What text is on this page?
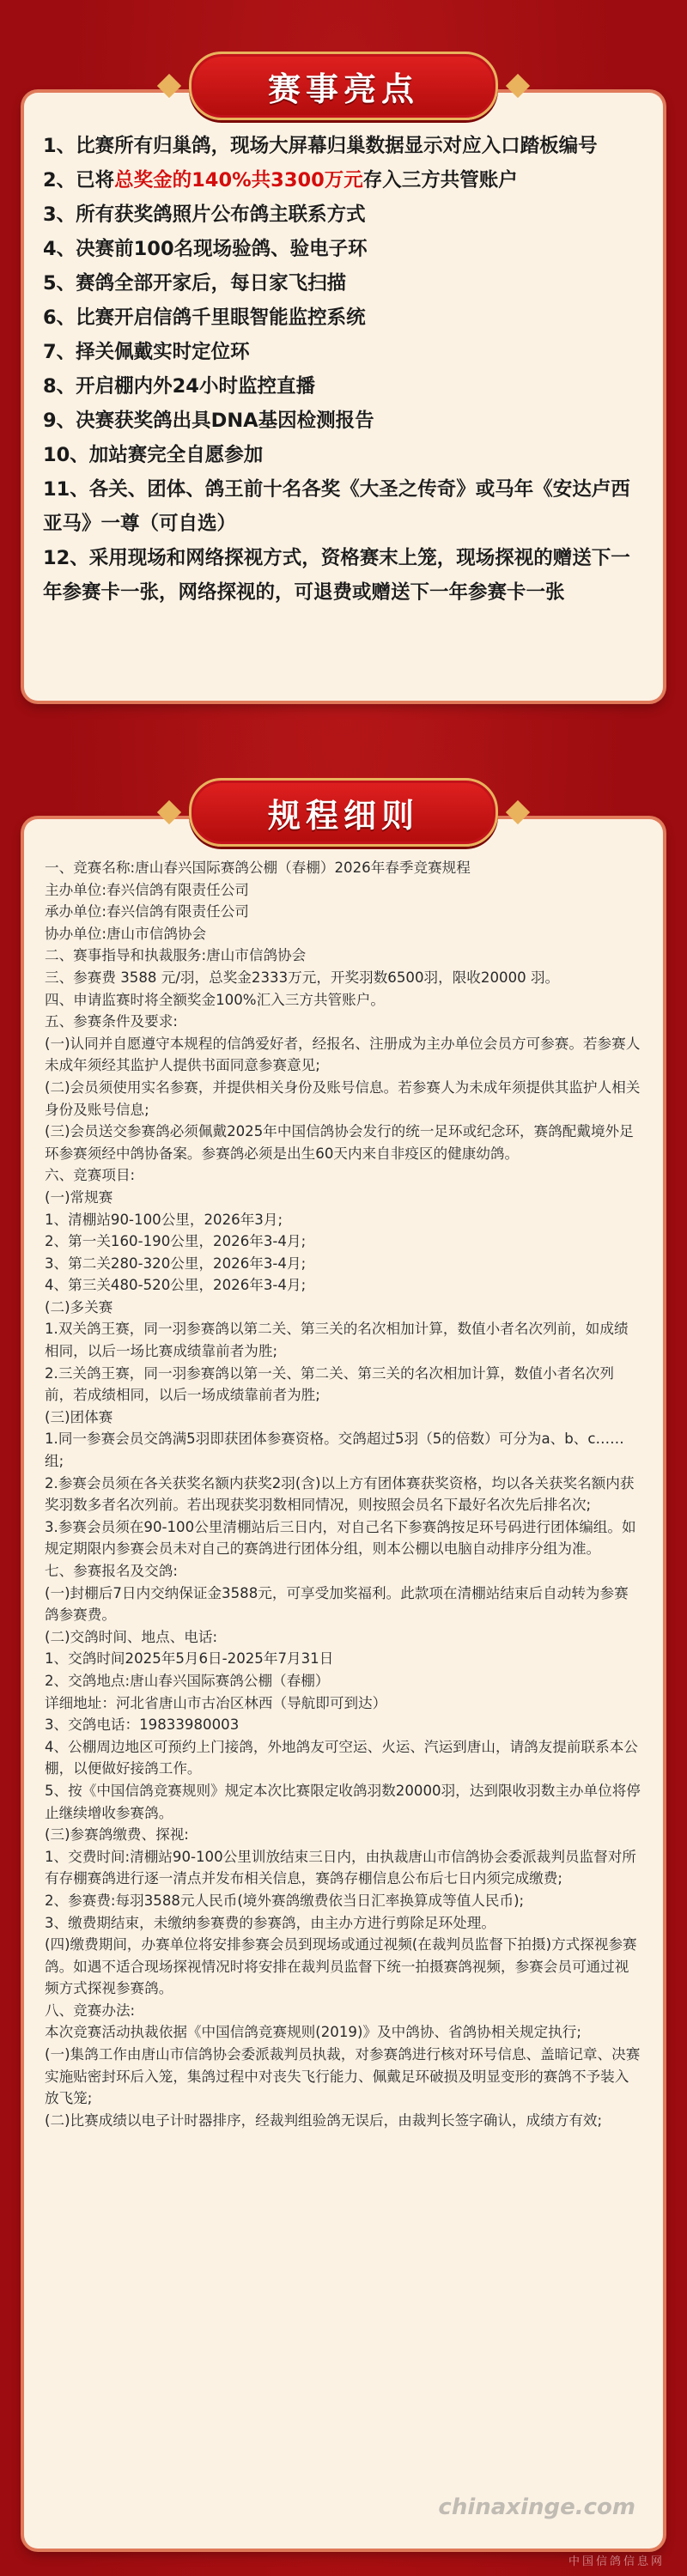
赛事亮点
1、比赛所有归巢鸽，现场大屏幕归巢数据显示对应入口踏板编号
2、已将总奖金的140%共3300万元存入三方共管账户
3、所有获奖鸽照片公布鸽主联系方式
4、决赛前100名现场验鸽、验电子环
5、赛鸽全部开家后，每日家飞扫描
6、比赛开启信鸽千里眼智能监控系统
7、择关佩戴实时定位环
8、开启棚内外24小时监控直播
9、决赛获奖鸽出具DNA基因检测报告
10、加站赛完全自愿参加
11、各关、团体、鸽王前十名各奖《大圣之传奇》或马年《安达卢西亚马》一尊（可自选）
12、采用现场和网络探视方式，资格赛末上笼，现场探视的赠送下一年参赛卡一张，网络探视的，可退费或赠送下一年参赛卡一张
规程细则

一、竞赛名称:唐山春兴国际赛鸽公棚（春棚）2026年春季竞赛规程

主办单位:春兴信鸽有限责任公司

承办单位:春兴信鸽有限责任公司

协办单位:唐山市信鸽协会

二、赛事指导和执裁服务:唐山市信鸽协会

三、参赛费 3588 元/羽，总奖金2333万元，开奖羽数6500羽，限收20000 羽。

四、申请监赛时将全额奖金100%汇入三方共管账户。

五、参赛条件及要求:

(一)认同并自愿遵守本规程的信鸽爱好者，经报名、注册成为主办单位会员方可参赛。若参赛人未成年须经其监护人提供书面同意参赛意见;

(二)会员须使用实名参赛，并提供相关身份及账号信息。若参赛人为未成年须提供其监护人相关身份及账号信息;

(三)会员送交参赛鸽必须佩戴2025年中国信鸽协会发行的统一足环或纪念环，赛鸽配戴境外足环参赛须经中鸽协备案。参赛鸽必须是出生60天内来自非疫区的健康幼鸽。

六、竞赛项目:

(一)常规赛

1、清棚站90-100公里，2026年3月;

2、第一关160-190公里，2026年3-4月;

3、第二关280-320公里，2026年3-4月;

4、第三关480-520公里，2026年3-4月;

(二)多关赛

1.双关鸽王赛，同一羽参赛鸽以第二关、第三关的名次相加计算，数值小者名次列前，如成绩相同，以后一场比赛成绩靠前者为胜;

2.三关鸽王赛，同一羽参赛鸽以第一关、第二关、第三关的名次相加计算，数值小者名次列前，若成绩相同，以后一场成绩靠前者为胜;

(三)团体赛

1.同一参赛会员交鸽满5羽即获团体参赛资格。交鸽超过5羽（5的倍数）可分为a、b、c……组;

2.参赛会员须在各关获奖名额内获奖2羽(含)以上方有团体赛获奖资格，均以各关获奖名额内获奖羽数多者名次列前。若出现获奖羽数相同情况，则按照会员名下最好名次先后排名次;

3.参赛会员须在90-100公里清棚站后三日内，对自己名下参赛鸽按足环号码进行团体编组。如规定期限内参赛会员未对自己的赛鸽进行团体分组，则本公棚以电脑自动排序分组为准。

七、参赛报名及交鸽:

(一)封棚后7日内交纳保证金3588元，可享受加奖福利。此款项在清棚站结束后自动转为参赛鸽参赛费。

(二)交鸽时间、地点、电话:

1、交鸽时间2025年5月6日-2025年7月31日

2、交鸽地点:唐山春兴国际赛鸽公棚（春棚）

详细地址：河北省唐山市古冶区林西（导航即可到达）

3、交鸽电话：19833980003

4、公棚周边地区可预约上门接鸽，外地鸽友可空运、火运、汽运到唐山，请鸽友提前联系本公棚，以便做好接鸽工作。

5、按《中国信鸽竞赛规则》规定本次比赛限定收鸽羽数20000羽，达到限收羽数主办单位将停止继续增收参赛鸽。

(三)参赛鸽缴费、探视:

1、交费时间:清棚站90-100公里训放结束三日内，由执裁唐山市信鸽协会委派裁判员监督对所有存棚赛鸽进行逐一清点并发布相关信息，赛鸽存棚信息公布后七日内须完成缴费;

2、参赛费:每羽3588元人民币(境外赛鸽缴费依当日汇率换算成等值人民币);

3、缴费期结束，未缴纳参赛费的参赛鸽，由主办方进行剪除足环处理。

(四)缴费期间，办赛单位将安排参赛会员到现场或通过视频(在裁判员监督下拍摄)方式探视参赛鸽。如遇不适合现场探视情况时将安排在裁判员监督下统一拍摄赛鸽视频，参赛会员可通过视频方式探视参赛鸽。

八、竞赛办法:

本次竞赛活动执裁依据《中国信鸽竞赛规则(2019)》及中鸽协、省鸽协相关规定执行;

(一)集鸽工作由唐山市信鸽协会委派裁判员执裁，对参赛鸽进行核对环号信息、盖暗记章、决赛实施贴密封环后入笼，集鸽过程中对丧失飞行能力、佩戴足环破损及明显变形的赛鸽不予装入放飞笼;

(二)比赛成绩以电子计时器排序，经裁判组验鸽无误后，由裁判长签字确认，成绩方有效;

chinaxinge.com
中国信鸽信息网
